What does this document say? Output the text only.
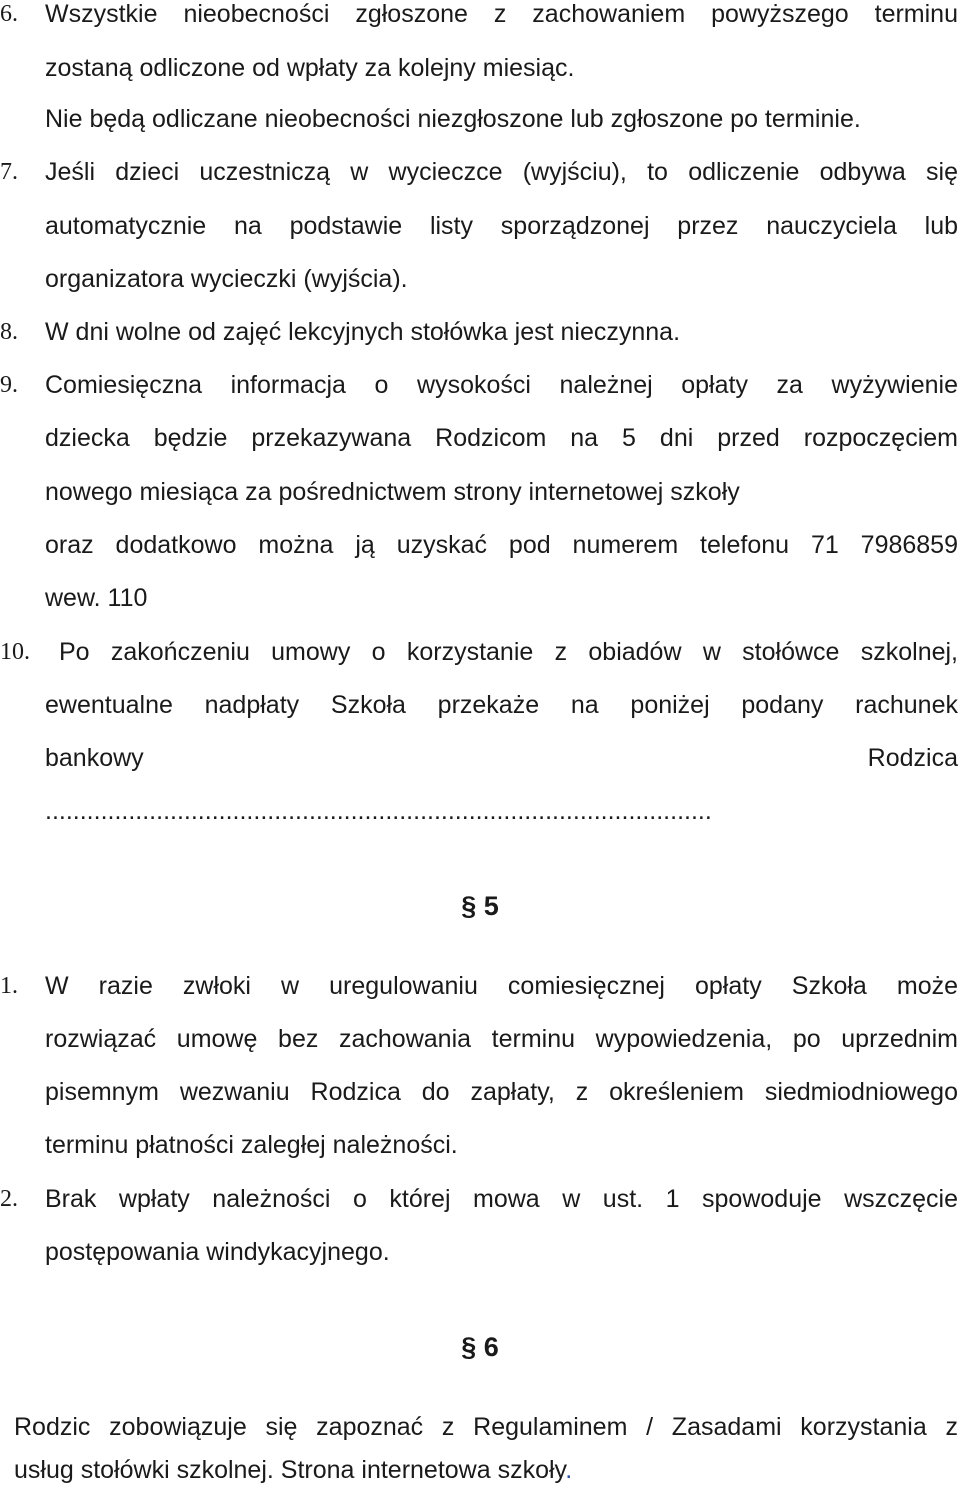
6.	Wszystkie nieobecności zgłoszone z zachowaniem powyższego terminu

zostaną odliczone od wpłaty za kolejny miesiąc.

Nie będą odliczane nieobecności niezgłoszone lub zgłoszone po terminie.

7.	Jeśli dzieci uczestniczą w wycieczce (wyjściu), to odliczenie odbywa się

automatycznie na podstawie listy sporządzonej przez nauczyciela lub

organizatora wycieczki (wyjścia).

8.	W dni wolne od zajęć lekcyjnych stołówka jest nieczynna.

9.	Comiesięczna informacja o wysokości należnej opłaty za wyżywienie

dziecka będzie przekazywana Rodzicom na 5 dni przed rozpoczęciem

nowego miesiąca za pośrednictwem strony internetowej szkoły

oraz dodatkowo można ją uzyskać pod numerem telefonu 71 7986859

wew. 110

10.	Po zakończeniu umowy o korzystanie z obiadów w stołówce szkolnej,

ewentualne nadpłaty Szkoła przekaże na poniżej podany rachunek

bankowy	Rodzica

................................................................................................

§ 5

1.	W razie zwłoki w uregulowaniu comiesięcznej opłaty Szkoła może

rozwiązać umowę bez zachowania terminu wypowiedzenia, po uprzednim

pisemnym wezwaniu Rodzica do zapłaty, z określeniem siedmiodniowego

terminu płatności zaległej należności.

2.	Brak wpłaty należności o której mowa w ust. 1 spowoduje wszczęcie

postępowania windykacyjnego.

§ 6

Rodzic zobowiązuje się zapoznać z Regulaminem / Zasadami korzystania z

usług stołówki szkolnej. Strona internetowa szkoły.
